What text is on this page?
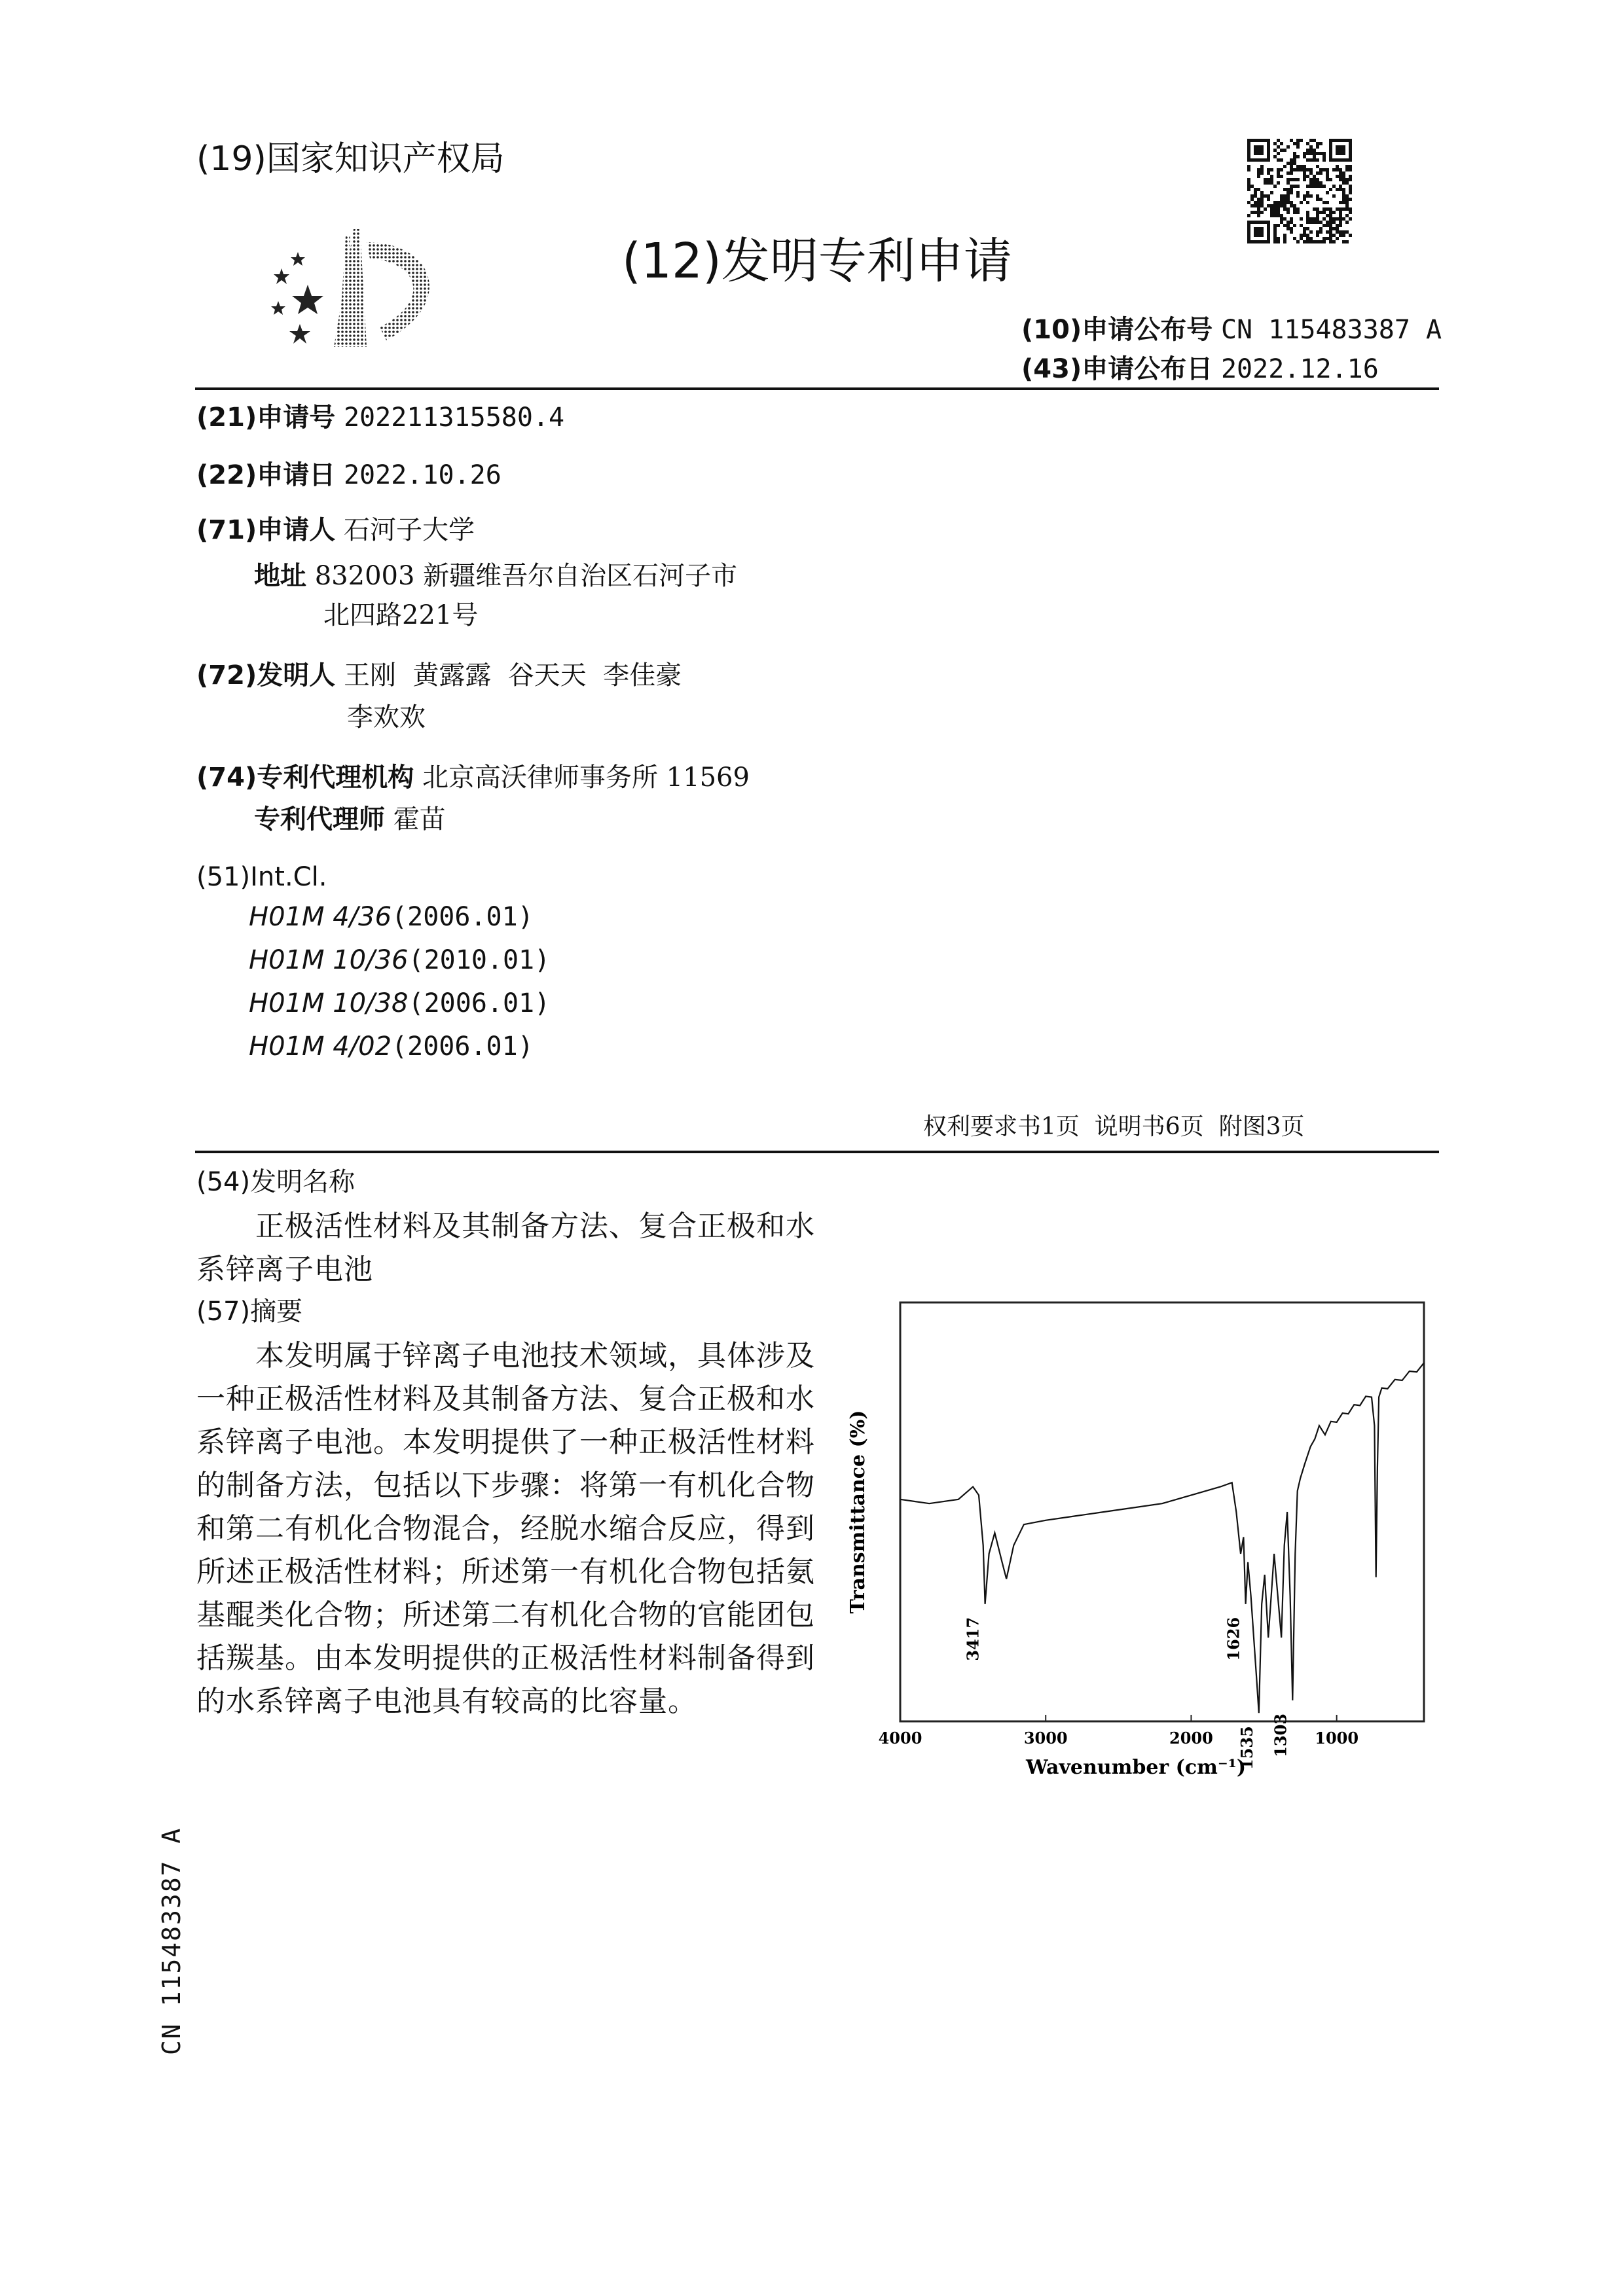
(19)国家知识产权局
(12)发明专利申请
(10)申请公布号 CN 115483387 A
(43)申请公布日 2022.12.16
(21)申请号 202211315580.4
(22)申请日 2022.10.26
(71)申请人 石河子大学
地址 832003 新疆维吾尔自治区石河子市
北四路221号
(72)发明人 王刚  黄露露  谷天天  李佳豪
李欢欢
(74)专利代理机构 北京高沃律师事务所 11569
专利代理师 霍苗
(51)Int.Cl.
H01M 4/36(2006.01)
H01M 10/36(2010.01)
H01M 10/38(2006.01)
H01M 4/02(2006.01)
权利要求书1页  说明书6页  附图3页
(54)发明名称
正极活性材料及其制备方法、复合正极和水
系锌离子电池
(57)摘要
本发明属于锌离子电池技术领域，具体涉及
一种正极活性材料及其制备方法、复合正极和水
系锌离子电池。本发明提供了一种正极活性材料
的制备方法，包括以下步骤：将第一有机化合物
和第二有机化合物混合，经脱水缩合反应，得到
所述正极活性材料；所述第一有机化合物包括氨
基醌类化合物；所述第二有机化合物的官能团包
括羰基。由本发明提供的正极活性材料制备得到
的水系锌离子电池具有较高的比容量。
4000	3000	2000	1000
3417	1626
1535 1303
Transmittance (%)
Wavenumber (cm⁻¹)
CN 115483387 A
